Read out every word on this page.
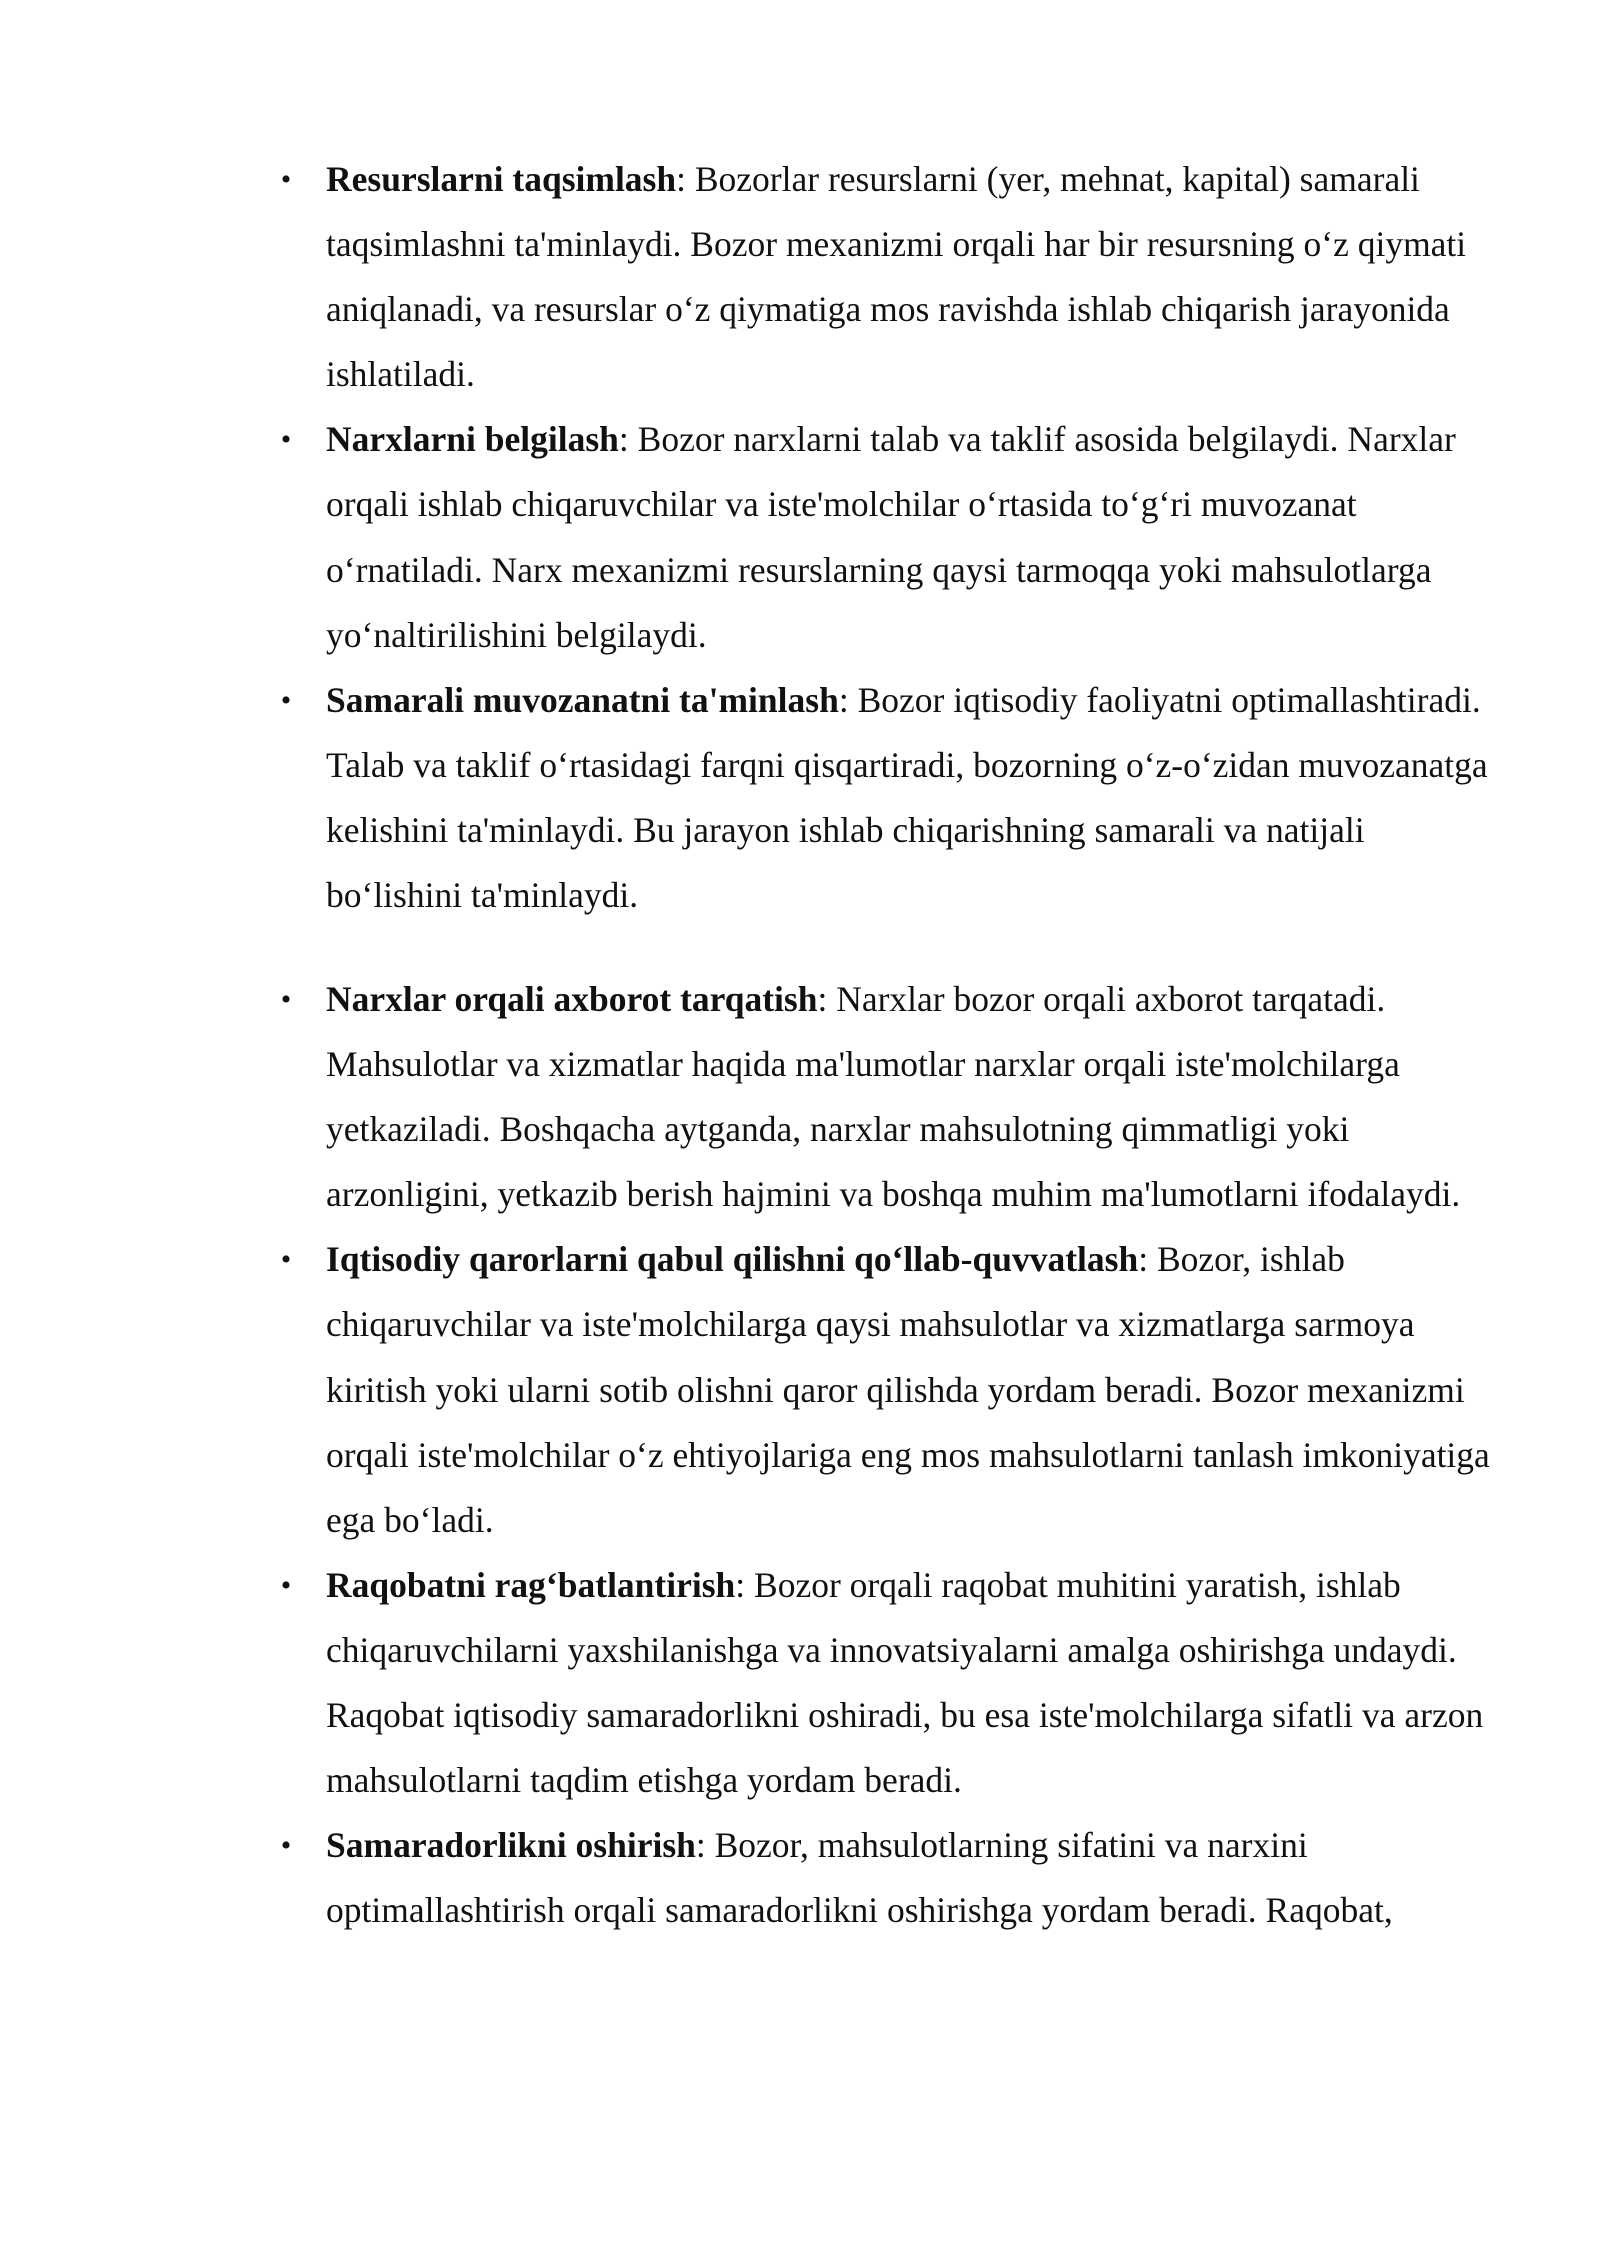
• Resurslarni taqsimlash: Bozorlar resurslarni (yer, mehnat, kapital) samarali taqsimlashni ta'minlaydi. Bozor mexanizmi orqali har bir resursning o‘z qiymati aniqlanadi, va resurslar o‘z qiymatiga mos ravishda ishlab chiqarish jarayonida ishlatiladi.
• Narxlarni belgilash: Bozor narxlarni talab va taklif asosida belgilaydi. Narxlar orqali ishlab chiqaruvchilar va iste'molchilar o‘rtasida to‘g‘ri muvozanat o‘rnatiladi. Narx mexanizmi resurslarning qaysi tarmoqqa yoki mahsulotlarga yo‘naltirilishini belgilaydi.
• Samarali muvozanatni ta'minlash: Bozor iqtisodiy faoliyatni optimallashtiradi. Talab va taklif o‘rtasidagi farqni qisqartiradi, bozorning o‘z-o‘zidan muvozanatga kelishini ta'minlaydi. Bu jarayon ishlab chiqarishning samarali va natijali bo‘lishini ta'minlaydi.
• Narxlar orqali axborot tarqatish: Narxlar bozor orqali axborot tarqatadi. Mahsulotlar va xizmatlar haqida ma'lumotlar narxlar orqali iste'molchilarga yetkaziladi. Boshqacha aytganda, narxlar mahsulotning qimmatligi yoki arzonligini, yetkazib berish hajmini va boshqa muhim ma'lumotlarni ifodalaydi.
• Iqtisodiy qarorlarni qabul qilishni qo‘llab-quvvatlash: Bozor, ishlab chiqaruvchilar va iste'molchilarga qaysi mahsulotlar va xizmatlarga sarmoya kiritish yoki ularni sotib olishni qaror qilishda yordam beradi. Bozor mexanizmi orqali iste'molchilar o‘z ehtiyojlariga eng mos mahsulotlarni tanlash imkoniyatiga ega bo‘ladi.
• Raqobatni rag‘batlantirish: Bozor orqali raqobat muhitini yaratish, ishlab chiqaruvchilarni yaxshilanishga va innovatsiyalarni amalga oshirishga undaydi. Raqobat iqtisodiy samaradorlikni oshiradi, bu esa iste'molchilarga sifatli va arzon mahsulotlarni taqdim etishga yordam beradi.
• Samaradorlikni oshirish: Bozor, mahsulotlarning sifatini va narxini optimallashtirish orqali samaradorlikni oshirishga yordam beradi. Raqobat,
